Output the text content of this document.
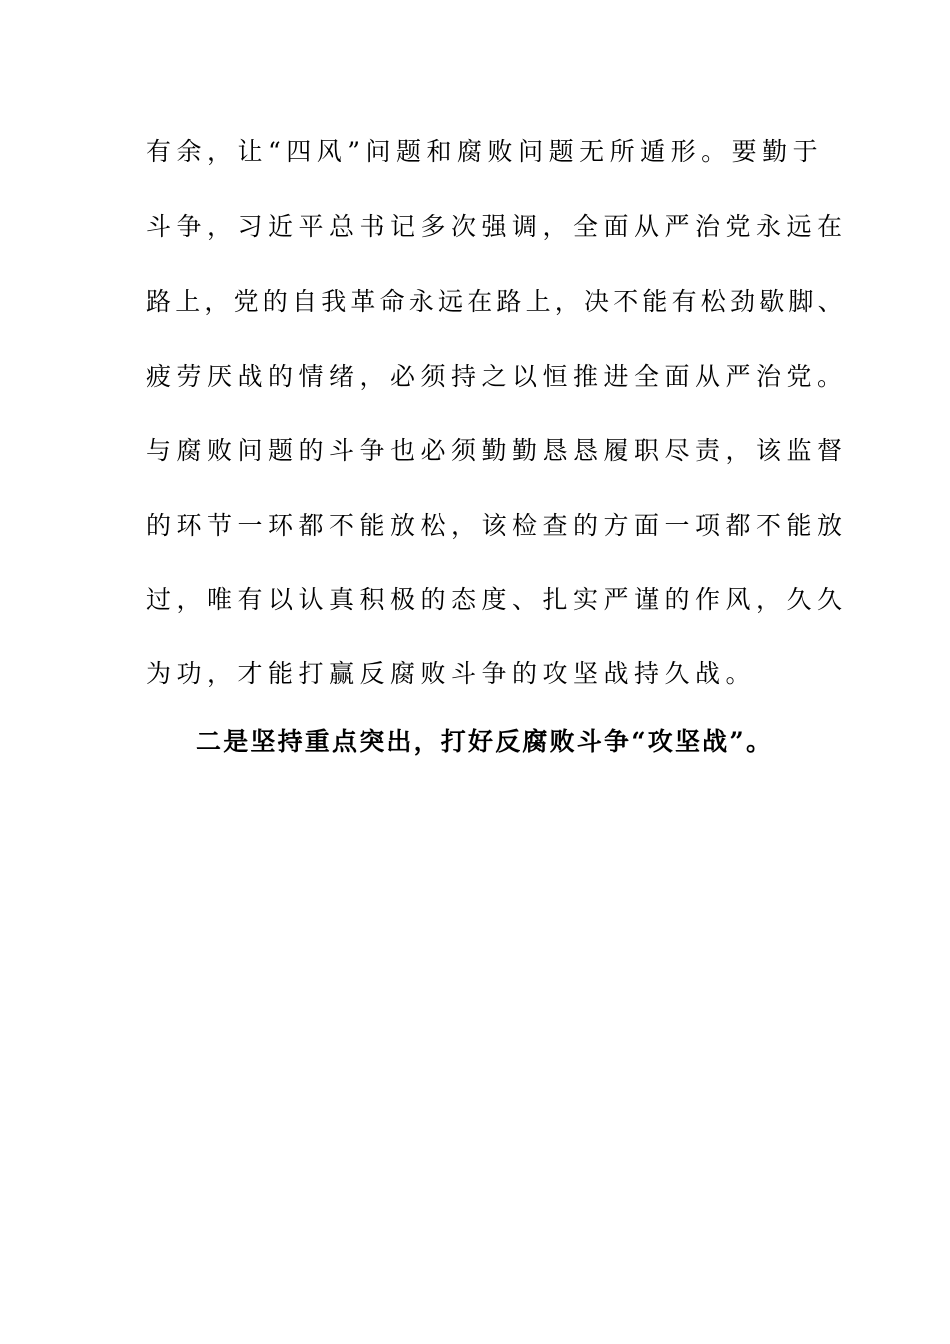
有余，让“四风”问题和腐败问题无所遁形。要勤于
斗争，习近平总书记多次强调，全面从严治党永远在
路上，党的自我革命永远在路上，决不能有松劲歇脚、
疲劳厌战的情绪，必须持之以恒推进全面从严治党。
与腐败问题的斗争也必须勤勤恳恳履职尽责，该监督
的环节一环都不能放松，该检查的方面一项都不能放
过，唯有以认真积极的态度、扎实严谨的作风，久久
为功，才能打赢反腐败斗争的攻坚战持久战。
二是坚持重点突出，打好反腐败斗争“攻坚战”。
